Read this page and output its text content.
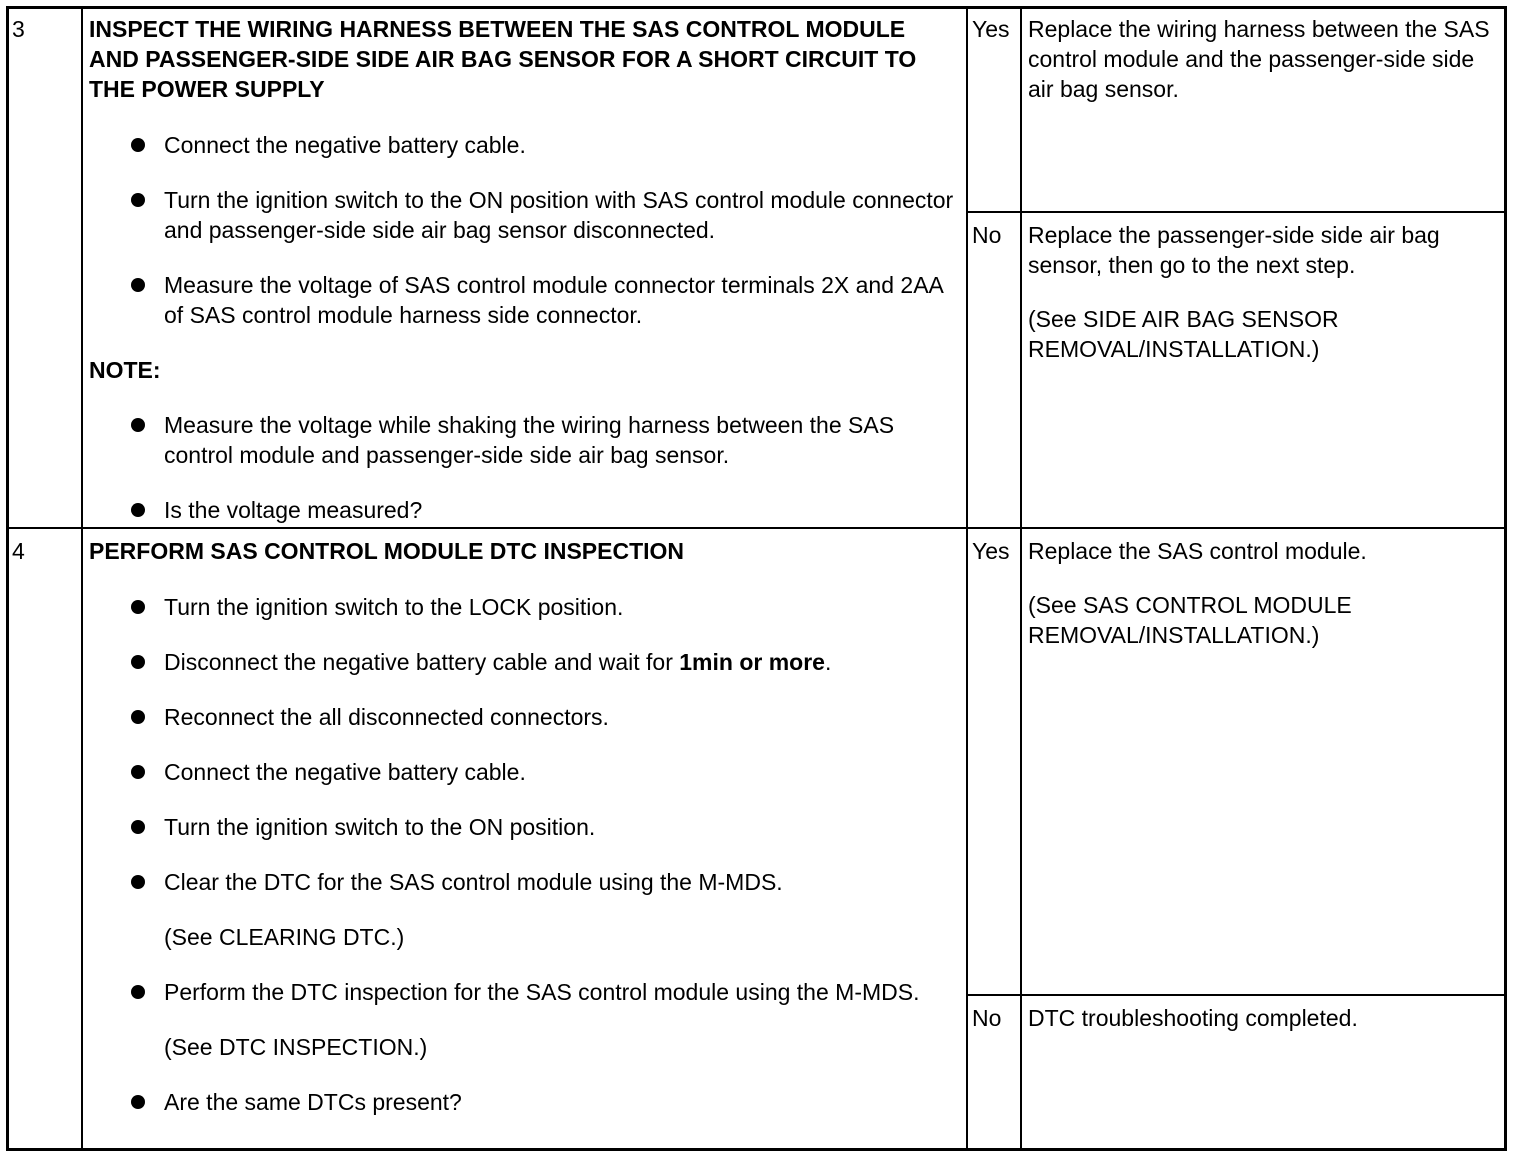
3	INSPECT THE WIRING HARNESS BETWEEN THE SAS CONTROL MODULE AND PASSENGER-SIDE SIDE AIR BAG SENSOR FOR A SHORT CIRCUIT TO THE POWER SUPPLY
Connect the negative battery cable.
Turn the ignition switch to the ON position with SAS control module connector and passenger-side side air bag sensor disconnected.
Measure the voltage of SAS control module connector terminals 2X and 2AA of SAS control module harness side connector.
NOTE:
Measure the voltage while shaking the wiring harness between the SAS control module and passenger-side side air bag sensor.
Is the voltage measured?
Yes Replace the wiring harness between the SAS control module and the passenger-side side air bag sensor.

No Replace the passenger-side side air bag sensor, then go to the next step.

(See SIDE AIR BAG SENSOR REMOVAL/INSTALLATION.)

4	PERFORM SAS CONTROL MODULE DTC INSPECTION
Turn the ignition switch to the LOCK position.
Disconnect the negative battery cable and wait for 1min or more.
Reconnect the all disconnected connectors.
Connect the negative battery cable.
Turn the ignition switch to the ON position.
Clear the DTC for the SAS control module using the M-MDS.
(See CLEARING DTC.)
Perform the DTC inspection for the SAS control module using the M-MDS.
(See DTC INSPECTION.)
Are the same DTCs present?
Yes Replace the SAS control module.

(See SAS CONTROL MODULE REMOVAL/INSTALLATION.)

No DTC troubleshooting completed.
